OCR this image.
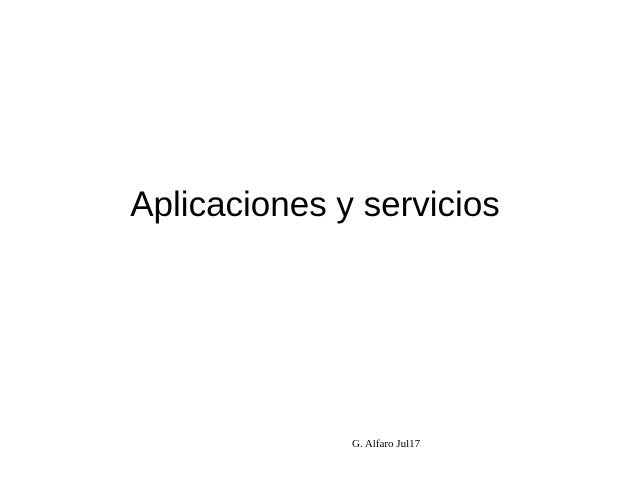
Aplicaciones y servicios
G. Alfaro Jul17
